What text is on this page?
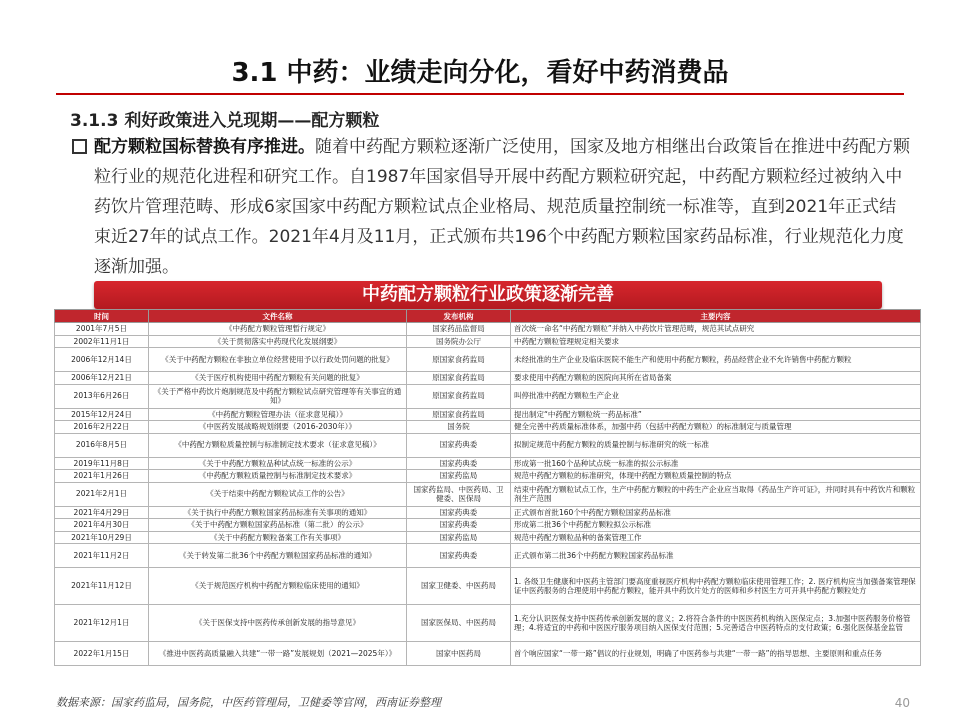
3.1 中药：业绩走向分化，看好中药消费品
3.1.3 利好政策进入兑现期——配方颗粒
配方颗粒国标替换有序推进。随着中药配方颗粒逐渐广泛使用，国家及地方相继出台政策旨在推进中药配方颗粒行业的规范化进程和研究工作。自1987年国家倡导开展中药配方颗粒研究起，中药配方颗粒经过被纳入中药饮片管理范畴、形成6家国家中药配方颗粒试点企业格局、规范质量控制统一标准等，直到2021年正式结束近27年的试点工作。2021年4月及11月，正式颁布共196个中药配方颗粒国家药品标准，行业规范化力度逐渐加强。
中药配方颗粒行业政策逐渐完善
时间	文件名称	发布机构	主要内容
2001年7月5日	《中药配方颗粒管理暂行规定》	国家药品监督局	首次统一命名“中药配方颗粒”并纳入中药饮片管理范畴，规范其试点研究
2002年11月1日	《关于贯彻落实中药现代化发展纲要》	国务院办公厅	中药配方颗粒管理规定相关要求
2006年12月14日	《关于中药配方颗粒在非独立单位经营使用予以行政处罚问题的批复》	原国家食药监局	未经批准的生产企业及临床医院不能生产和使用中药配方颗粒，药品经营企业不允许销售中药配方颗粒
2006年12月21日	《关于医疗机构使用中药配方颗粒有关问题的批复》	原国家食药监局	要求使用中药配方颗粒的医院向其所在省局备案
2013年6月26日	《关于严格中药饮片炮制规范及中药配方颗粒试点研究管理等有关事宜的通知》	原国家食药监局	叫停批准中药配方颗粒生产企业
2015年12月24日	《中药配方颗粒管理办法（征求意见稿）》	原国家食药监局	提出制定“中药配方颗粒统一药品标准”
2016年2月22日	《中医药发展战略规划纲要（2016-2030年）》	国务院	健全完善中药质量标准体系，加强中药（包括中药配方颗粒）的标准制定与质量管理
2016年8月5日	《中药配方颗粒质量控制与标准制定技术要求（征求意见稿）》	国家药典委	拟制定规范中药配方颗粒的质量控制与标准研究的统一标准
2019年11月8日	《关于中药配方颗粒品种试点统一标准的公示》	国家药典委	形成第一批160个品种试点统一标准的拟公示标准
2021年1月26日	《中药配方颗粒质量控制与标准制定技术要求》	国家药监局	规范中药配方颗粒的标准研究，体现中药配方颗粒质量控制的特点
2021年2月1日	《关于结束中药配方颗粒试点工作的公告》	国家药监局、中医药局、卫健委、医保局	结束中药配方颗粒试点工作，生产中药配方颗粒的中药生产企业应当取得《药品生产许可证》，并同时具有中药饮片和颗粒剂生产范围
2021年4月29日	《关于执行中药配方颗粒国家药品标准有关事项的通知》	国家药典委	正式颁布首批160个中药配方颗粒国家药品标准
2021年4月30日	《关于中药配方颗粒国家药品标准（第二批）的公示》	国家药典委	形成第二批36个中药配方颗粒拟公示标准
2021年10月29日	《关于中药配方颗粒备案工作有关事项》	国家药监局	规范中药配方颗粒品种的备案管理工作
2021年11月2日	《关于转发第二批36个中药配方颗粒国家药品标准的通知》	国家药典委	正式颁布第二批36个中药配方颗粒国家药品标准
2021年11月12日	《关于规范医疗机构中药配方颗粒临床使用的通知》	国家卫健委、中医药局	1. 各级卫生健康和中医药主管部门要高度重视医疗机构中药配方颗粒临床使用管理工作；2. 医疗机构应当加强备案管理保证中医药服务的合理使用中药配方颗粒，能开具中药饮片处方的医师和乡村医生方可开具中药配方颗粒处方
2021年12月1日	《关于医保支持中医药传承创新发展的指导意见》	国家医保局、中医药局	1.充分认识医保支持中医药传承创新发展的意义；2.将符合条件的中医医药机构纳入医保定点；3.加强中医药服务价格管理；4.将适宜的中药和中医医疗服务项目纳入医保支付范围；5.完善适合中医药特点的支付政策；6.强化医保基金监管
2022年1月15日	《推进中医药高质量融入共建“一带一路”发展规划（2021—2025年）》	国家中医药局	首个响应国家“一带一路”倡议的行业规划，明确了中医药参与共建“一带一路”的指导思想、主要原则和重点任务
数据来源：国家药监局，国务院，中医药管理局，卫健委等官网，西南证券整理	40
